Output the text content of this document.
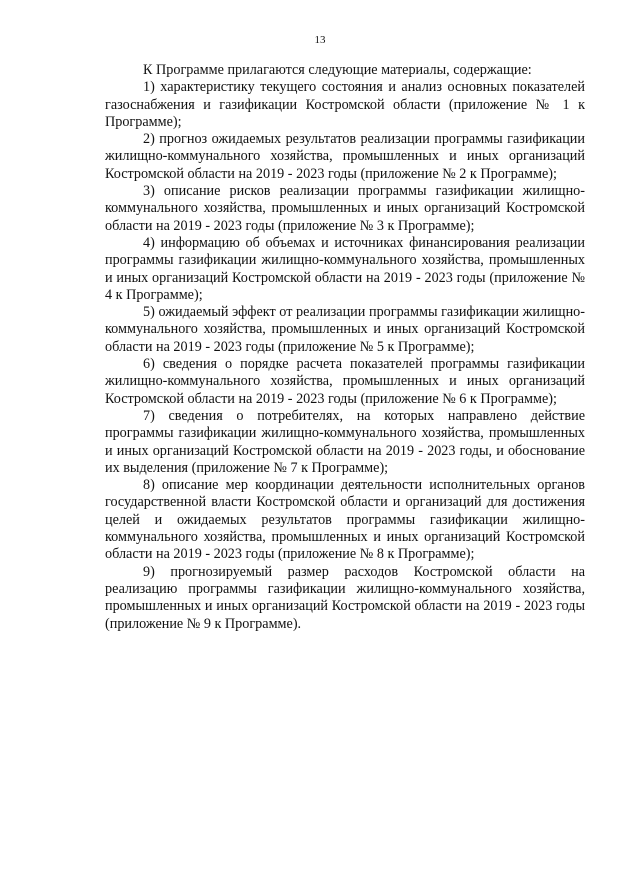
13

К Программе прилагаются следующие материалы, содержащие:

1) характеристику текущего состояния и анализ основных показателей газоснабжения и газификации Костромской области (приложение № 1 к Программе);

2) прогноз ожидаемых результатов реализации программы газификации жилищно-коммунального хозяйства, промышленных и иных организаций Костромской области на 2019 - 2023 годы (приложение № 2 к Программе);

3) описание рисков реализации программы газификации жилищно-коммунального хозяйства, промышленных и иных организаций Костромской области на 2019 - 2023 годы (приложение № 3 к Программе);

4) информацию об объемах и источниках финансирования реализации программы газификации жилищно-коммунального хозяйства, промышленных и иных организаций Костромской области на 2019 - 2023 годы (приложение № 4 к Программе);

5) ожидаемый эффект от реализации программы газификации жилищно-коммунального хозяйства, промышленных и иных организаций Костромской области на 2019 - 2023 годы (приложение № 5 к Программе);

6) сведения о порядке расчета показателей программы газификации жилищно-коммунального хозяйства, промышленных и иных организаций Костромской области на 2019 - 2023 годы (приложение № 6 к Программе);

7) сведения о потребителях, на которых направлено действие программы газификации жилищно-коммунального хозяйства, промышленных и иных организаций Костромской области на 2019 - 2023 годы, и обоснование их выделения (приложение № 7 к Программе);

8) описание мер координации деятельности исполнительных органов государственной власти Костромской области и организаций для достижения целей и ожидаемых результатов программы газификации жилищно-коммунального хозяйства, промышленных и иных организаций Костромской области на 2019 - 2023 годы (приложение № 8 к Программе);

9) прогнозируемый размер расходов Костромской области на реализацию программы газификации жилищно-коммунального хозяйства, промышленных и иных организаций Костромской области на 2019 - 2023 годы (приложение № 9 к Программе).
